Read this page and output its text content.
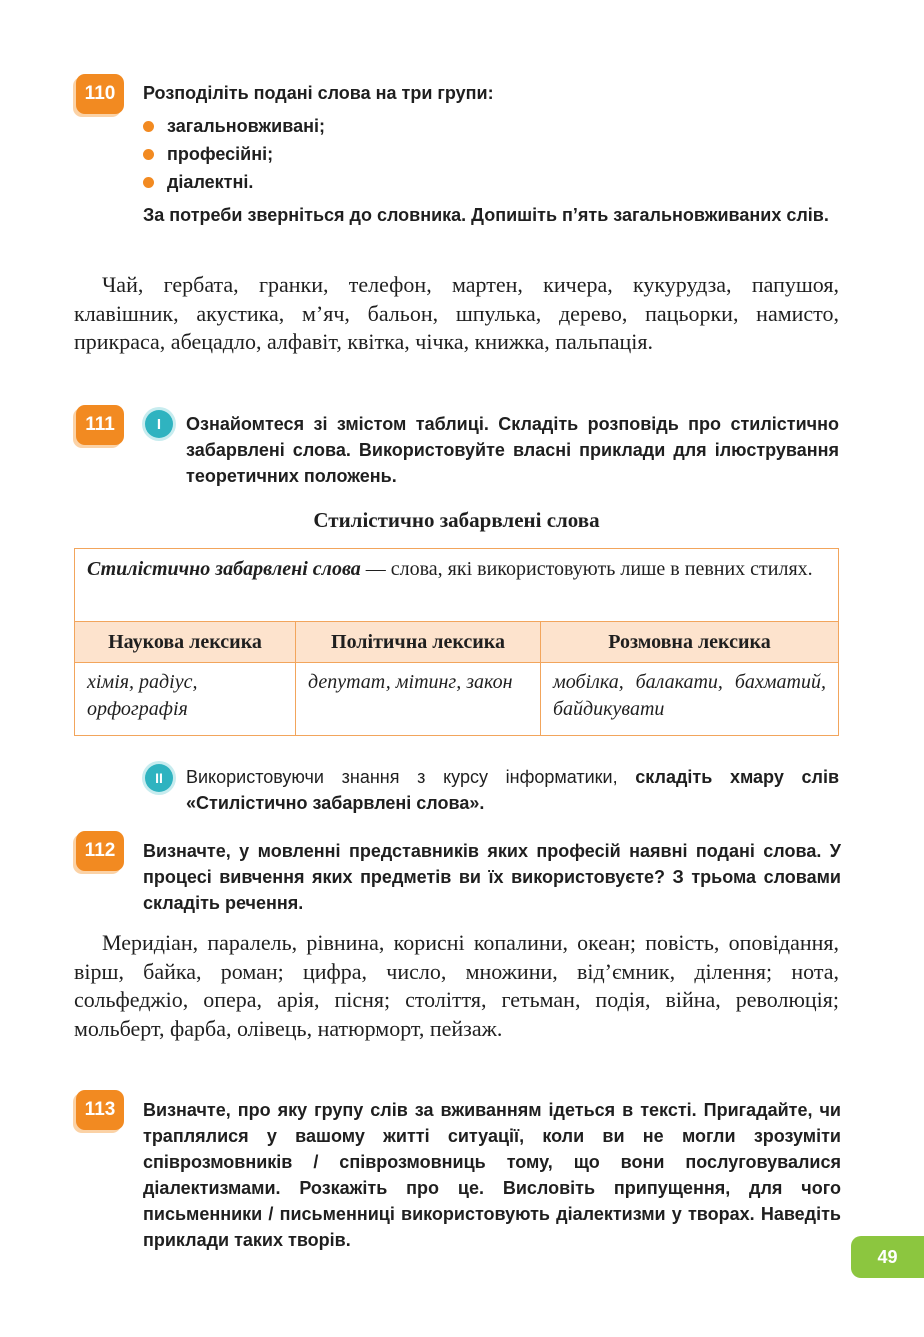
110	Розподіліть подані слова на три групи:
загальновживані;
професійні;
діалектні.
За потреби зверніться до словника. Допишіть п’ять загальновживаних слів.
Чай, гербата, гранки, телефон, мартен, кичера, кукурудза, папушоя, клавішник, акустика, м’яч, бальон, шпулька, дерево, пацьорки, намисто, прикраса, абецадло, алфавіт, квітка, чічка, книжка, пальпація.
111	I	Ознайомтеся зі змістом таблиці. Складіть розповідь про стилістично забарвлені слова. Використовуйте власні приклади для ілюстрування теоретичних положень.
Стилістично забарвлені слова
Стилістично забарвлені слова — слова, які використовують лише в певних стилях.		
Наукова лексика	Політична лексика	Розмовна лексика
хімія, радіус, орфографія	депутат, мітинг, закон	мобілка, балакати, бахматий, байдикувати
II	Використовуючи знання з курсу інформатики, складіть хмару слів «Стилістично забарвлені слова».
112	Визначте, у мовленні представників яких професій наявні подані слова. У процесі вивчення яких предметів ви їх використовуєте? З трьома словами складіть речення.
Меридіан, паралель, рівнина, корисні копалини, океан; повість, оповідання, вірш, байка, роман; цифра, число, множини, від’ємник, ділення; нота, сольфеджіо, опера, арія, пісня; століття, гетьман, подія, війна, революція; мольберт, фарба, олівець, натюрморт, пейзаж.
113	Визначте, про яку групу слів за вживанням ідеться в тексті. Пригадайте, чи траплялися у вашому житті ситуації, коли ви не могли зрозуміти співрозмовників / співрозмовниць тому, що вони послуговувалися діалектизмами. Розкажіть про це. Висловіть припущення, для чого письменники / письменниці використовують діалектизми у творах. Наведіть приклади таких творів.
49
